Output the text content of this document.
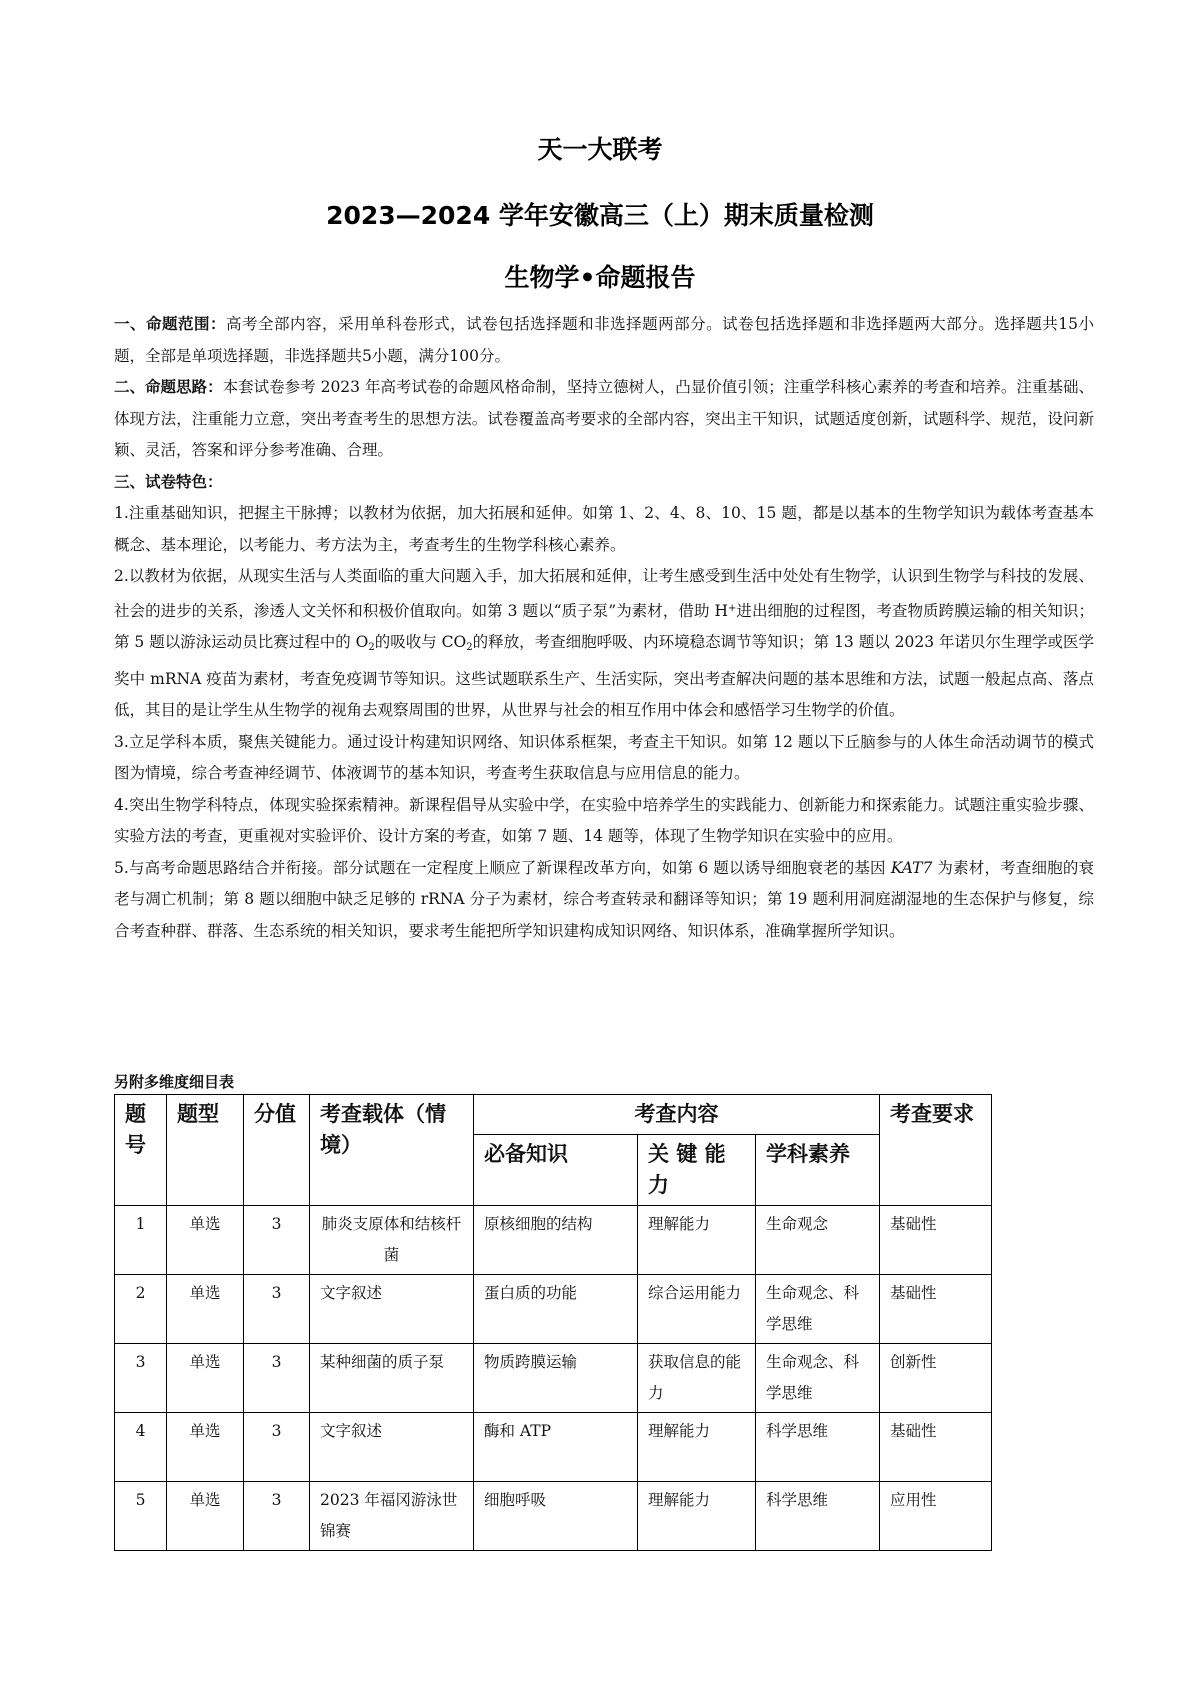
天一大联考
2023—2024 学年安徽高三（上）期末质量检测
生物学•命题报告

一、命题范围：高考全部内容，采用单科卷形式，试卷包括选择题和非选择题两部分。试卷包括选择题和非选择题两大部分。选择题共15小题，全部是单项选择题，非选择题共5小题，满分100分。

二、命题思路：本套试卷参考 2023 年高考试卷的命题风格命制，坚持立德树人，凸显价值引领；注重学科核心素养的考查和培养。注重基础、体现方法，注重能力立意，突出考查考生的思想方法。试卷覆盖高考要求的全部内容，突出主干知识，试题适度创新，试题科学、规范，设问新颖、灵活，答案和评分参考准确、合理。

三、试卷特色：

1.注重基础知识，把握主干脉搏；以教材为依据，加大拓展和延伸。如第 1、2、4、8、10、15 题，都是以基本的生物学知识为载体考查基本概念、基本理论，以考能力、考方法为主，考查考生的生物学科核心素养。

2.以教材为依据，从现实生活与人类面临的重大问题入手，加大拓展和延伸，让考生感受到生活中处处有生物学，认识到生物学与科技的发展、社会的进步的关系，渗透人文关怀和积极价值取向。如第 3 题以“质子泵”为素材，借助 H+进出细胞的过程图，考查物质跨膜运输的相关知识；第 5 题以游泳运动员比赛过程中的 $O_2$的吸收与 $CO_2$的释放，考查细胞呼吸、内环境稳态调节等知识；第 13 题以 2023 年诺贝尔生理学或医学奖中 mRNA 疫苗为素材，考查免疫调节等知识。这些试题联系生产、生活实际，突出考查解决问题的基本思维和方法，试题一般起点高、落点低，其目的是让学生从生物学的视角去观察周围的世界，从世界与社会的相互作用中体会和感悟学习生物学的价值。

3.立足学科本质，聚焦关键能力。通过设计构建知识网络、知识体系框架，考查主干知识。如第 12 题以下丘脑参与的人体生命活动调节的模式图为情境，综合考查神经调节、体液调节的基本知识，考查考生获取信息与应用信息的能力。

4.突出生物学科特点，体现实验探索精神。新课程倡导从实验中学，在实验中培养学生的实践能力、创新能力和探索能力。试题注重实验步骤、实验方法的考查，更重视对实验评价、设计方案的考查，如第 7 题、14 题等，体现了生物学知识在实验中的应用。

5.与高考命题思路结合并衔接。部分试题在一定程度上顺应了新课程改革方向，如第 6 题以诱导细胞衰老的基因 KAT7 为素材，考查细胞的衰老与凋亡机制；第 8 题以细胞中缺乏足够的 rRNA 分子为素材，综合考查转录和翻译等知识；第 19 题利用洞庭湖湿地的生态保护与修复，综合考查种群、群落、生态系统的相关知识，要求考生能把所学知识建构成知识网络、知识体系，准确掌握所学知识。

另附多维度细目表
题号	题型	分值	考查载体（情境）	考查内容			考查要求
				必备知识	关 键 能 力	学科素养	
1	单选	3	肺炎支原体和结核杆菌	原核细胞的结构	理解能力	生命观念	基础性
2	单选	3	文字叙述	蛋白质的功能	综合运用能力	生命观念、科学思维	基础性
3	单选	3	某种细菌的质子泵	物质跨膜运输	获取信息的能力	生命观念、科学思维	创新性
4	单选	3	文字叙述	酶和 ATP	理解能力	科学思维	基础性
5	单选	3	2023 年福冈游泳世锦赛	细胞呼吸	理解能力	科学思维	应用性
